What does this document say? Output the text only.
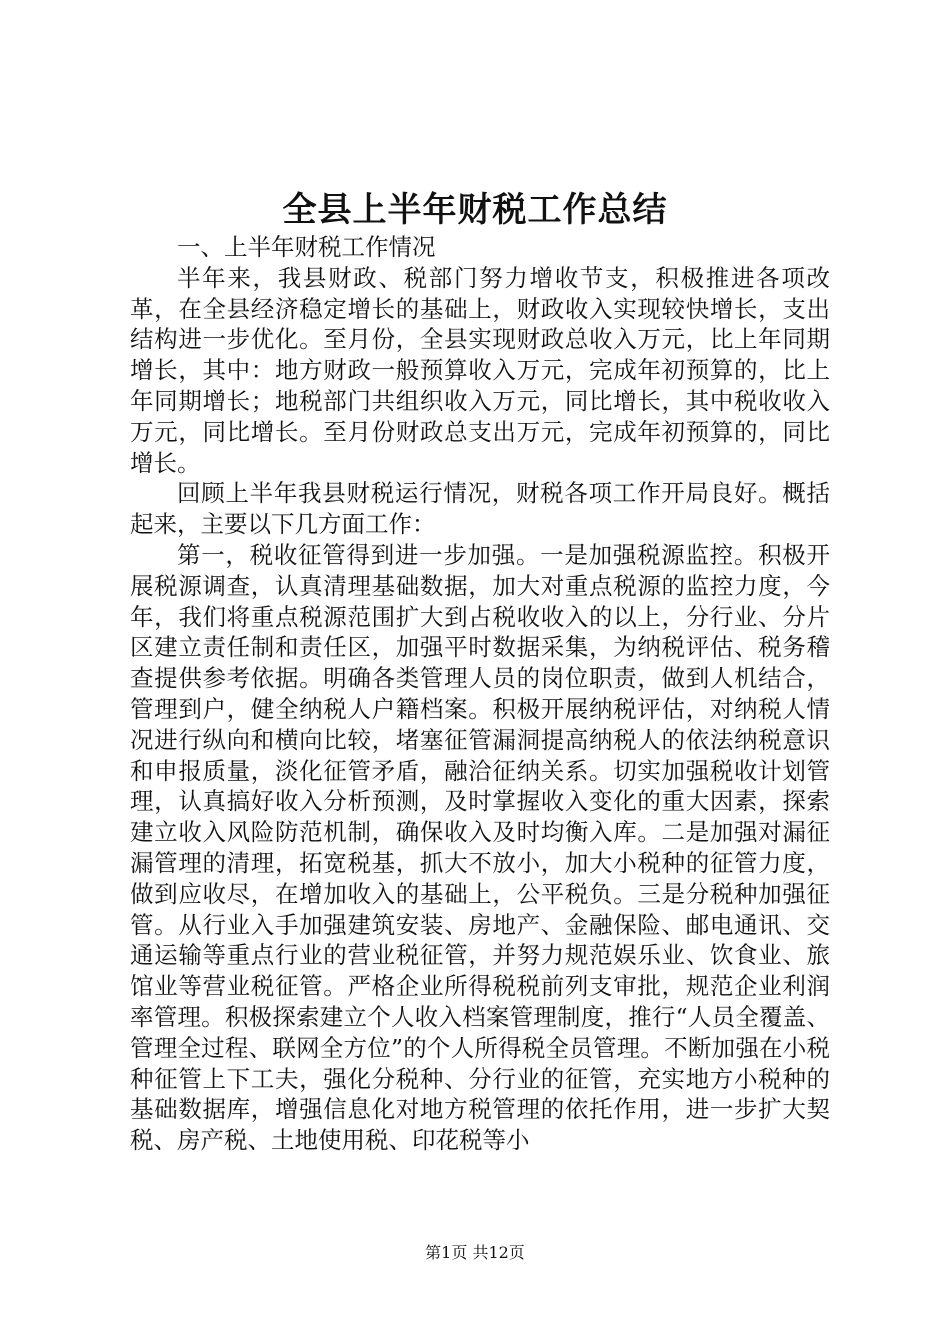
全县上半年财税工作总结

一、上半年财税工作情况

半年来，我县财政、税部门努力增收节支，积极推进各项改革，在全县经济稳定增长的基础上，财政收入实现较快增长，支出结构进一步优化。至月份，全县实现财政总收入万元，比上年同期增长，其中：地方财政一般预算收入万元，完成年初预算的，比上年同期增长；地税部门共组织收入万元，同比增长，其中税收收入万元，同比增长。至月份财政总支出万元，完成年初预算的，同比增长。

回顾上半年我县财税运行情况，财税各项工作开局良好。概括起来，主要以下几方面工作：

第一，税收征管得到进一步加强。一是加强税源监控。积极开展税源调查，认真清理基础数据，加大对重点税源的监控力度，今年，我们将重点税源范围扩大到占税收收入的以上，分行业、分片区建立责任制和责任区，加强平时数据采集，为纳税评估、税务稽查提供参考依据。明确各类管理人员的岗位职责，做到人机结合，管理到户，健全纳税人户籍档案。积极开展纳税评估，对纳税人情况进行纵向和横向比较，堵塞征管漏洞提高纳税人的依法纳税意识和申报质量，淡化征管矛盾，融洽征纳关系。切实加强税收计划管理，认真搞好收入分析预测，及时掌握收入变化的重大因素，探索建立收入风险防范机制，确保收入及时均衡入库。二是加强对漏征漏管理的清理，拓宽税基，抓大不放小，加大小税种的征管力度，做到应收尽，在增加收入的基础上，公平税负。三是分税种加强征管。从行业入手加强建筑安装、房地产、金融保险、邮电通讯、交通运输等重点行业的营业税征管，并努力规范娱乐业、饮食业、旅馆业等营业税征管。严格企业所得税税前列支审批，规范企业利润率管理。积极探索建立个人收入档案管理制度，推行“人员全覆盖、管理全过程、联网全方位”的个人所得税全员管理。不断加强在小税种征管上下工夫，强化分税种、分行业的征管，充实地方小税种的基础数据库，增强信息化对地方税管理的依托作用，进一步扩大契税、房产税、土地使用税、印花税等小

第1页 共12页
